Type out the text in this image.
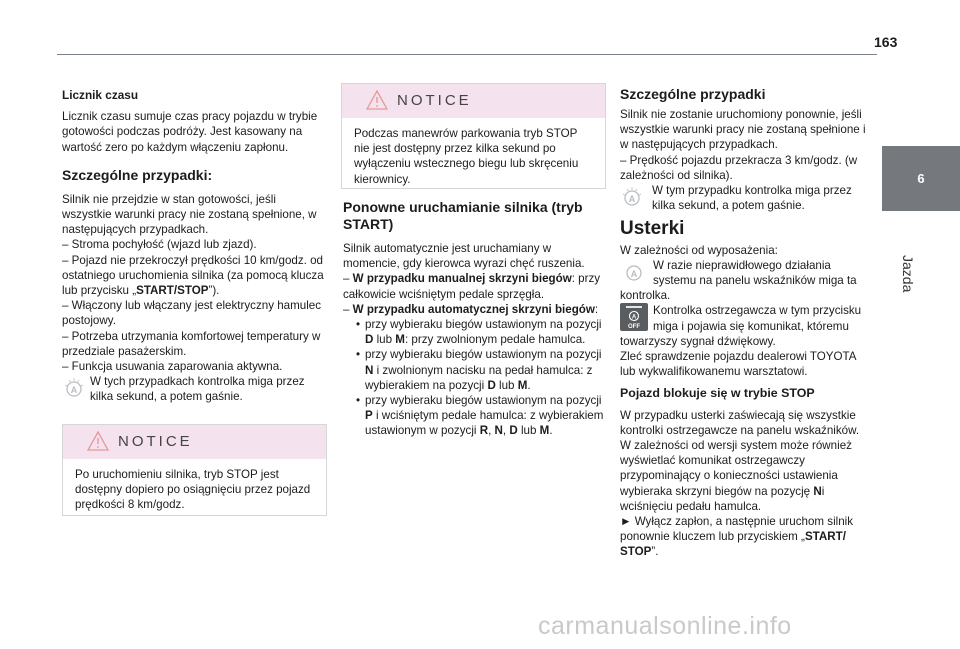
163
6
Jazda
Licznik czasu

Licznik czasu sumuje czas pracy pojazdu w trybie gotowości podczas podróży. Jest kasowany na wartość zero po każdym włączeniu zapłonu.

Szczególne przypadki:

Silnik nie przejdzie w stan gotowości, jeśli wszystkie warunki pracy nie zostaną spełnione, w następujących przypadkach.

– Stroma pochyłość (wjazd lub zjazd).
– Pojazd nie przekroczył prędkości 10 km/godz. od ostatniego uruchomienia silnika (za pomocą klucza lub przycisku „START/STOP”).
– Włączony lub włączany jest elektryczny hamulec postojowy.
– Potrzeba utrzymania komfortowej temperatury w przedziale pasażerskim.
– Funkcja usuwania zaparowania aktywna.
A
W tych przypadkach kontrolka miga przez kilka sekund, a potem gaśnie.
NOTICE
Po uruchomieniu silnika, tryb STOP jest dostępny dopiero po osiągnięciu przez pojazd prędkości 8 km/godz.
NOTICE
Podczas manewrów parkowania tryb STOP nie jest dostępny przez kilka sekund po wyłączeniu wstecznego biegu lub skręceniu kierownicy.
Ponowne uruchamianie silnika (tryb START)

Silnik automatycznie jest uruchamiany w momencie, gdy kierowca wyrazi chęć ruszenia.

– W przypadku manualnej skrzyni biegów: przy całkowicie wciśniętym pedale sprzęgła.
– W przypadku automatycznej skrzyni biegów:
• przy wybieraku biegów ustawionym na pozycji D lub M: przy zwolnionym pedale hamulca.
• przy wybieraku biegów ustawionym na pozycji N i zwolnionym nacisku na pedał hamulca: z wybierakiem na pozycji D lub M.
• przy wybieraku biegów ustawionym na pozycji P i wciśniętym pedale hamulca: z wybierakiem ustawionym w pozycji R, N, D lub M.
Szczególne przypadki

Silnik nie zostanie uruchomiony ponownie, jeśli wszystkie warunki pracy nie zostaną spełnione i w następujących przypadkach.

– Prędkość pojazdu przekracza 3 km/godz. (w zależności od silnika).
A
W tym przypadku kontrolka miga przez kilka sekund, a potem gaśnie.
Usterki

W zależności od wyposażenia:

A
W razie nieprawidłowego działania systemu na panelu wskaźników miga ta kontrolka.
A
OFF
Kontrolka ostrzegawcza w tym przycisku miga i pojawia się komunikat, któremu towarzyszy sygnał dźwiękowy.

Zleć sprawdzenie pojazdu dealerowi TOYOTA lub wykwalifikowanemu warsztatowi.

Pojazd blokuje się w trybie STOP

W przypadku usterki zaświecają się wszystkie kontrolki ostrzegawcze na panelu wskaźników. W zależności od wersji system może również wyświetlać komunikat ostrzegawczy przypominający o konieczności ustawienia wybieraka skrzyni biegów na pozycję Ni wciśnięciu pedału hamulca.

► Wyłącz zapłon, a następnie uruchom silnik ponownie kluczem lub przyciskiem „START/ STOP”.

carmanualsonline.info
